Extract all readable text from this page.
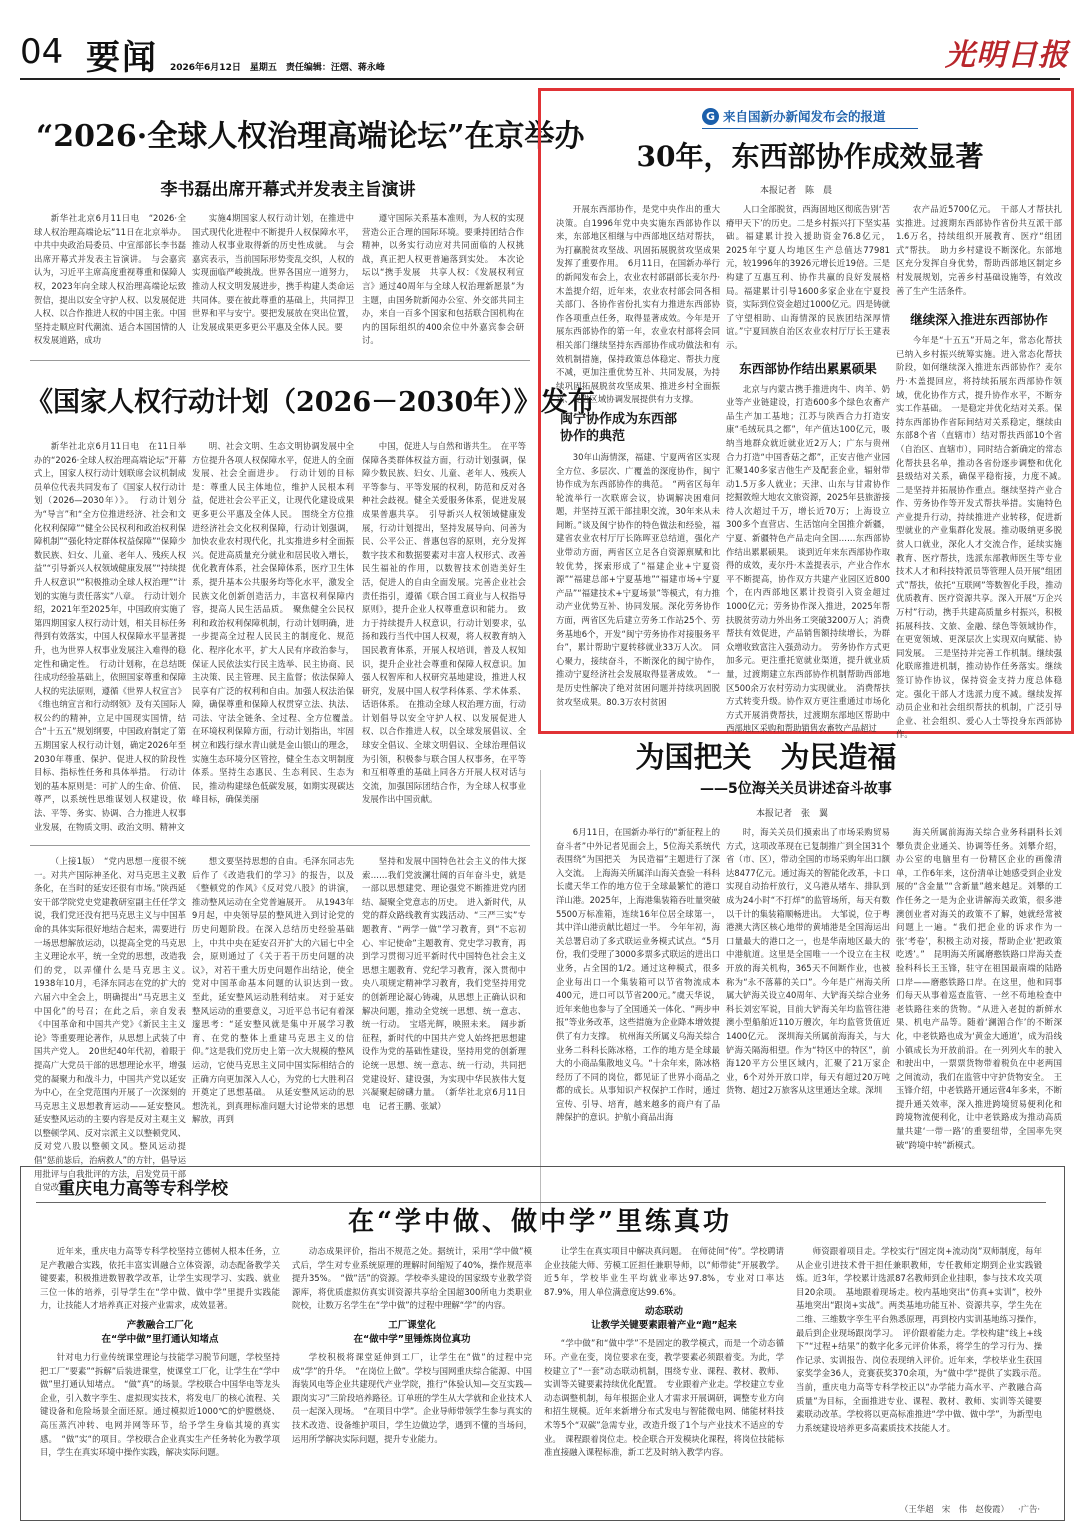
04 要闻 2026年6月12日　星期五　责任编辑：汪熠、蒋永峰	光明日报
“2026·全球人权治理高端论坛”在京举办
李书磊出席开幕式并发表主旨演讲

新华社北京6月11日电　“2026·全球人权治理高端论坛”11日在北京举办。中共中央政治局委员、中宣部部长李书磊出席开幕式并发表主旨演讲。　与会嘉宾认为，习近平主席高度重视尊重和保障人权，2023年向全球人权治理高端论坛致贺信，提出以安全守护人权、以发展促进人权、以合作推进人权的中国主张。中国坚持走顺应时代潮流、适合本国国情的人权发展道路，成功

实施4期国家人权行动计划，在推进中国式现代化进程中不断提升人权保障水平，推动人权事业取得新的历史性成就。　与会嘉宾表示，当前国际形势变乱交织，人权的实现面临严峻挑战。世界各国应一道努力，推动人权文明发展进步，携手构建人类命运共同体。要在彼此尊重的基础上，共同捍卫世界和平与安宁。要把发展放在突出位置，让发展成果更多更公平惠及全体人民。要

遵守国际关系基本准则，为人权的实现营造公正合理的国际环境。要秉持团结合作精神，以务实行动应对共同面临的人权挑战，真正把人权更普遍落到实处。　本次论坛以“携手发展　共享人权：《发展权利宣言》通过40周年与全球人权治理新愿景”为主题，由国务院新闻办公室、外交部共同主办，来自一百多个国家和包括联合国机构在内的国际组织的400余位中外嘉宾参会研讨。

《国家人权行动计划（2026－2030年）》发布

新华社北京6月11日电　在11日举办的“2026·全球人权治理高端论坛”开幕式上，国家人权行动计划联席会议机制成员单位代表共同发布了《国家人权行动计划（2026—2030年）》。　行动计划分为“导言”和“全方位推进经济、社会和文化权利保障”“健全公民权利和政治权利保障机制”“强化特定群体权益保障”“保障少数民族、妇女、儿童、老年人、残疾人权益”“引导新兴人权领域健康发展”“持续提升人权意识”“积极推动全球人权治理”“计划的实施与责任落实”八章。　行动计划介绍，2021年至2025年，中国政府实施了第四期国家人权行动计划，相关目标任务得到有效落实，中国人权保障水平显著提升，也为世界人权事业发展注入难得的稳定性和确定性。　行动计划称，在总结既往成功经验基础上，依照国家尊重和保障人权的宪法原则，遵循《世界人权宣言》《维也纳宣言和行动纲领》及有关国际人权公约的精神，立足中国现实国情，结合“十五五”规划纲要，中国政府制定了第五期国家人权行动计划，确定2026年至2030年尊重、保护、促进人权的阶段性目标、指标性任务和具体举措。　行动计划的基本原则是：可扩人的生命、价值、尊严，以系统性思维谋划人权建设，依法、平等、务实、协调、合力推进人权事业发展，在物质文明、政治文明、精神文

明、社会文明、生态文明协调发展中全方位提升各项人权保障水平，促进人的全面发展、社会全面进步。　行动计划的目标是：尊重人民主体地位，维护人民根本利益，促进社会公平正义，让现代化建设成果更多更公平惠及全体人民。　围绕全方位推进经济社会文化权利保障，行动计划强调，加快农业农村现代化，扎实推进乡村全面振兴。促进高质量充分就业和居民收入增长，优化教育体系，社会保障体系，医疗卫生体系，提升基本公共服务均等化水平，激发全民族文化创新创造活力，丰富权利保障内容，提高人民生活品质。　聚焦健全公民权利和政治权利保障机制，行动计划明确，进一步提高全过程人民民主的制度化、规范化、程序化水平，扩大人民有序政治参与，保证人民依法实行民主选举、民主协商、民主决策、民主管理、民主监督；依法保障人民享有广泛的权利和自由。加强人权法治保障，确保尊重和保障人权贯穿立法、执法、司法、守法全链条、全过程、全方位覆盖。　在环境权利保障方面，行动计划指出，牢固树立和践行绿水青山就是金山银山的理念，实施生态环境分区管控，健全生态文明制度体系。坚持生态惠民、生态利民、生态为民，推动构建绿色低碳发展，如期实现碳达峰目标，确保美丽

中国，促进人与自然和谐共生。　在平等保障各类群体权益方面，行动计划强调，保障少数民族、妇女、儿童、老年人、残疾人平等参与、平等发展的权利，防范和反对各种社会歧视。健全关爱服务体系，促进发展成果普惠共享。　引导新兴人权领域健康发展，行动计划提出，坚持发展导向、问善为民、公平公正、普惠包容的原则，充分发挥数字技术和数据要素对丰富人权形式、改善民生福祉的作用，以数智技术创造美好生活，促进人的自由全面发展。完善企业社会责任指引，遵循《联合国工商业与人权指导原则》，提升企业人权尊重意识和能力。　致力于持续提升人权意识，行动计划要求，弘扬和践行当代中国人权观，将人权教育纳入国民教育体系，开展人权培训，普及人权知识，提升企业社会尊重和保障人权意识。加强人权智库和人权研究基地建设，推进人权研究，发展中国人权学科体系、学术体系、话语体系。　在推动全球人权治理方面，行动计划倡导以安全守护人权、以发展促进人权、以合作推进人权，以全球发展倡议、全球安全倡议、全球文明倡议、全球治理倡议为引领，积极参与联合国人权事务，在平等和互相尊重的基础上同各方开展人权对话与交流，加强国际团结合作，为全球人权事业发展作出中国贡献。

（上接1版）　“党内思想一度很不统一。对共产国际神圣化、对马克思主义教条化，在当时的延安还很有市场。”陕西延安干部学院党史党建教研室副主任任学文说，我们党还没有把马克思主义与中国革命的具体实际很好地结合起来，需要进行一场思想解放运动，以提高全党的马克思主义理论水平，统一全党的思想，改造我们的党，以弄懂什么是马克思主义。　1938年10月，毛泽东同志在党的扩大的六届六中全会上，明确提出“马克思主义中国化”的号召；在此之后，亲自发表《中国革命和中国共产党》《新民主主义论》等重要理论著作，从思想上武装了中国共产党人。　20世纪40年代初，着眼于提高广大党员干部的思想理论水平，增强党的凝聚力和战斗力，中国共产党以延安为中心，在全党范围内开展了一次深刻的马克思主义思想教育运动——延安整风。　延安整风运动的主要内容是反对主观主义以整顿学风、反对宗派主义以整顿党风、反对党八股以整顿文风。整风运动提倡“惩前毖后，治病救人”的方针，倡导运用批评与自我批评的方法，启发党员干部自觉改造

想文要坚持思想的自由。毛泽东同志先后作了《改造我们的学习》的报告，以及《整顿党的作风》《反对党八股》的讲演，推动整风运动在全党普遍展开。　从1943年9月起，中央领导层的整风进入到讨论党的历史问题阶段。在深入总结历史经验基础上，中共中央在延安召开扩大的六届七中全会，原则通过了《关于若干历史问题的决议》，对若干重大历史问题作出结论，使全党对中国革命基本问题的认识达到一致。　至此，延安整风运动胜利结束。　对于延安整风运动的重要意义，习近平总书记有着深邃思考：“延安整风就是集中开展学习教育、在党的整体上重建马克思主义的信仰。”这是我们党历史上第一次大规模的整风运动，它使马克思主义同中国实际相结合的正确方向更加深入人心，为党的七大胜利召开奠定了思想基础。　从延安整风运动的思想洗礼，到真理标准问题大讨论带来的思想解放，再到

坚持和发展中国特色社会主义的伟大探索……我们党波澜壮阔的百年奋斗史，就是一部以思想建党、理论强党不断推进党内团结、凝聚全党意志的历史。　进入新时代，从党的群众路线教育实践活动、“三严三实”专题教育、“两学一做”学习教育，到“不忘初心、牢记使命”主题教育、党史学习教育，再到学习贯彻习近平新时代中国特色社会主义思想主题教育、党纪学习教育，深入贯彻中央八项规定精神学习教育，我们党坚持用党的创新理论凝心铸魂，从思想上正确认识和解决问题，推动全党统一思想、统一意志、统一行动。　宝塔光辉，映照未来。　阔步新征程，新时代的中国共产党人始终把思想建设作为党的基础性建设，坚持用党的创新理论统一思想、统一意志、统一行动，共同把党建设好、建设强，为实现中华民族伟大复兴凝聚起磅礴力量。　（新华社北京6月11日电　记者王鹏、张斌）

G 来自国新办新闻发布会的报道
30年，东西部协作成效显著
本报记者　陈　晨

开展东西部协作，是党中央作出的重大决策。自1996年党中央实施东西部协作以来，东部地区相继与中西部地区结对帮扶，为打赢脱贫攻坚战、巩固拓展脱贫攻坚成果发挥了重要作用。　6月11日，在国新办举行的新闻发布会上，农业农村部副部长麦尔丹·木盖提介绍，近年来，农业农村部会同各相关部门、各协作省份扎实有力推进东西部协作各项重点任务，取得显著成效。今年是开展东西部协作的第一年，农业农村部将会同相关部门继续坚持东西部协作成功做法和有效机制措施，保持政策总体稳定、帮扶力度不减，更加注重优势互补、共同发展，为持续巩固拓展脱贫攻坚成果、推进乡村全面振兴、促进区域协调发展提供有力支撑。

闽宁协作成为东西部协作的典范

30年山海情深，福建、宁夏两省区实现全方位、多层次、广覆盖的深度协作，闽宁协作成为东西部协作的典范。　“两省区每年轮流举行一次联席会议，协调解决困难问题，并坚持互派干部挂职交流，30年来从未间断。”谈及闽宁协作的特色做法和经验，福建省农业农村厅厅长陈晖亚总结道，强化产业带动方面，两省区立足各自资源禀赋和比较优势，探索形成了“福建企业+宁夏资源”“福建总部+宁夏基地”“福建市场+宁夏产品”“福建技术+宁夏场景”等模式，有力推动产业优势互补、协同发展。深化劳务协作方面，两省区先后建立劳务工作站25个、劳务基地6个，开发“闽宁劳务协作对接服务平台”，累计帮助宁夏转移就业33万人次。　同心聚力，接续奋斗，不断深化的闽宁协作，推动宁夏经济社会发展取得显著成效。　“一是历史性解决了绝对贫困问题并持续巩固脱贫攻坚成果。80.3万农村贫困

人口全部脱贫，西海固地区彻底告别‘苦瘠甲天下’的历史。二是乡村振兴打下坚实基础。福建累计投入援助资金76.8亿元，2025年宁夏人均地区生产总值达77981元，较1996年的3926元增长近19倍。三是构建了互惠互利、协作共赢的良好发展格局。福建累计引导1600多家企业在宁夏投资，实际到位资金超过1000亿元。四是铸就了守望相助、山海情深的民族团结深厚情谊。”宁夏回族自治区农业农村厅厅长王建表示。

东西部协作结出累累硕果

北京与内蒙古携手推进肉牛、肉羊、奶业等产业链建设，打造600多个绿色农畜产品生产加工基地；江苏与陕西合力打造安康“毛绒玩具之都”，年产值达100亿元，吸纳当地群众就近就业近2万人；广东与贵州合力打造“中国香菇之都”，正安吉他产业园汇聚140多家吉他生产及配套企业，辐射带动1.5万多人就业；天津、山东与甘肃协作挖掘敦煌大地农文旅资源，2025年县旅游接待人次超过千万，增长近70万；上海设立300多个直营店、生活馆向全国推介新疆，宁夏、新疆特色产品走向全国……东西部协作结出累累硕果。　谈到近年来东西部协作取得的成效，麦尔丹·木盖提表示，产业合作水平不断提高，协作双方共建产业园区近800个，在内西部地区累计投资引入资金超过1000亿元；劳务协作深入推进，2025年帮扶脱贫劳动力外出务工突破3200万人；消费帮扶有效促进，产品销售额持续增长，为群众增收致富注入强劲动力。　劳务协作方式更加多元。更注重托宽就业渠道，提升就业质量，过渡期建立东西部协作机制帮助西部地区500余万农村劳动力实现就业。　消费帮扶方式转变升级。协作双方更注重通过市场化方式开展消费帮扶，过渡期东部地区帮助中西部地区采购和帮助销售农畜牧产品超过

农产品近5700亿元。　干部人才帮扶扎实推进。过渡期东西部协作省份共互派干部1.6万名，持续组织开展教育、医疗“组团式”帮扶。　助力乡村建设不断深化。东部地区充分发挥自身优势，帮助西部地区制定乡村发展规划，完善乡村基础设施等，有效改善了生产生活条件。

继续深入推进东西部协作

今年是“十五五”开局之年，常态化帮扶已纳入乡村振兴统筹实施。进入常态化帮扶阶段，如何继续深入推进东西部协作？麦尔丹·木盖提回应，将持续拓展东西部协作领域，优化协作方式，提升协作水平，不断夯实工作基础。　一是稳定并优化结对关系。保持东西部协作省际间结对关系稳定，继续由东部8个省（直辖市）结对帮扶西部10个省（自治区、直辖市），同时结合新确定的常态化帮扶县名单，推动各省份逐步调整和优化县级结对关系，确保平稳衔接，力度不减。　二是坚持并拓展协作重点。继续坚持产业合作、劳务协作等开发式帮扶举措。实施特色产业提升行动，持续推进产业转移，促进新型就业的产业集群化发展。推动吸纳更多脱贫人口就业，深化人才交流合作，延续实施教育、医疗帮扶，选派东部教师医生等专业技术人才和科技特派员等管理人员开展“组团式”帮扶，依托“互联网”等数智化手段，推动优质教育、医疗资源共享。深入开展“万企兴万村”行动，携手共建高质量乡村振兴，积极拓展科技、文旅、金融、绿色等领域协作，在更宽领域、更深层次上实现双向赋能、协同发展。　三是坚持并完善工作机制。继续强化联席推进机制，推动协作任务落实。继续签订协作协议，保持资金支持力度总体稳定。强化干部人才选派力度不减。继续发挥动员企业和社会组织帮扶的机制，广泛引导企业、社会组织、爱心人士等投身东西部协作。

为国把关　为民造福
——5位海关关员讲述奋斗故事
本报记者　张　翼

6月11日，在国新办举行的“新征程上的奋斗者”中外记者见面会上，5位海关系统代表围绕“为国把关　为民造福”主题进行了深入交流。　上海海关所属洋山海关查验一科科长虞天华工作的地方位于全球最繁忙的港口洋山港。2025年，上海港集装箱吞吐量突破5500万标准箱，连续16年位居全球第一，其中洋山港贡献比超过一半。　今年年初，海关总署启动了多式联运业务模式试点。“5月份，我们受理了3000多票多式联运的进出口业务，占全国的1/2。通过这种模式，很多企业每出口一个集装箱可以节省物流成本400元，进口可以节省200元。”虞天华说，近年来他也参与了全国通关一体化、“两步申报”等业务改革，这些措施为企业降本增效提供了有力支撑。　杭州海关所属义乌海关综合业务二科科长陈冰格，工作的地方是全球最大的小商品集散地义乌。“十余年来，陈冰格经历了不同的岗位，都见证了世界小商品之都的成长。从事知识产权保护工作时，通过宣传、引导、培育，越来越多的商户有了品牌保护的意识。护航小商品出海

时，海关关员们摸索出了市场采购贸易方式，这项改革现在已复制推广到全国31个省（市、区），带动全国的市场采购年出口额达8477亿元。通过海关的智能化改革，卡口实现自动抬杆放行，义乌港从堵车、排队到成为24小时“不打烊”的监管场所，每天有数以千计的集装箱顺畅进出。　大邹说，位于粤港澳大湾区核心地带的黄埔港是全国海运出口量最大的港口之一，也是华南地区最大的中港航道。这里是全国唯一一个设立在主权开放的海关机构，365天不间断作业，也被称为“永不落幕的关口”。今年是广州海关所属大铲海关设立40周年、大铲海关综合业务科长刘宏军说，目前大铲海关年均监管往港澳小型船舶近110万艘次，年均监管货值近1400亿元。　深圳海关所属前海海关，与大铲海关隔海相望。作为“特区中的特区”，前海120平方公里区域内，汇聚了21万家企业，6个对外开放口岸，每天有超过20万吨货物、超过2万旅客从这里通达全球。深圳

海关所属前海海关综合业务科副科长刘攀负责企业通关、协调等任务。刘攀介绍，办公室的电脑里有一份精区企业的画像清单，工作6年来，这份清单让她感受到企业发展的“含金量”“含新量”越来越足。刘攀的工作任务之一是为企业讲解海关政策，很多港澳创业者对海关的政策不了解，她就经常被问题上一遍。“我们把企业的诉求作为一张‘考卷’，积极主动对接，帮助企业‘把政策吃透’。”　昆明海关所属磨憨铁路口岸海关查验科科长王玉锋，驻守在祖国最南端的陆路口岸——磨憨铁路口岸。在这里，他和同事们每天从事着巡查监管、一丝不苟地检查中老铁路往来的货物。“从进入老挝的新鲜水果、机电产品等。随着‘澜湄合作’的不断深化，中老铁路也成为‘黄金大通道’，成为沿线小镇成长为开放前沿。在一列列火车的驶入和驶出中，一票票货物带着税负在中老两国之间流动，我们在监管中守护货物安全。　王玉锋介绍，中老铁路开通运营4年多来，不断提升通关效率，深入推进跨境贸易便利化和跨境物流便利化，让中老铁路成为推动高质量共建‘一带一路’的重要纽带，全国率先突破“跨境中转”新模式。

重庆电力高等专科学校
在“学中做、做中学”里练真功

近年来，重庆电力高等专科学校坚持立德树人根本任务，立足产教融合实践，依托丰富实训融合立体资源，动态配备教学关键要素，积极推进数智教学改革，让学生实现学习、实践、就业三位一体的培养，引导学生在“学中做、做中学”里提升实践能力，让技能人才培养真正对接产业需求，成效显著。

产教融合工厂化
在“学中做”里打通认知堵点

针对电力行业传统课堂理论与技能学习脱节问题，学校坚持把工厂“要素”“拆解”后装进课堂，使课堂工厂化，让学生在“学中做”里打通认知堵点。　“做”真“的场景。学校联合中国华电等龙头企业，引入数字孪生、虚拟现实技术，将发电厂的核心流程、关键设备和危险场景全面还原。通过模拟近1000℃的炉膛燃烧、高压蒸汽冲转、电网并网等环节，给予学生身临其境的真实感。　“做”实“的项目。学校联合企业真实生产任务转化为教学项目，学生在真实环境中操作实践，解决实际问题。

动态成果评价，指出不规范之处。据统计，采用“学中做”模式后，学生对专业系统原理的理解时间缩短了40%，操作规范率提升35%。　“做”活”的资源。学校牵头建设的国家级专业教学资源库，将优质虚拟仿真实训资源共享给全国超300所电力类职业院校，让数万名学生在“学中做”的过程中理解“学”的内容。

工厂课堂化
在“做中学”里锤炼岗位真功

学校积极将课堂延伸到工厂，让学生在“做”的过程中完成“学”的升华。　“在岗位上做”。学校与国网重庆综合能源、中国海装风电等企业共建现代产业学院，推行“体验认知—交互实践—跟岗实习”三阶段培养路径。订单班的学生从大学就和企业技术人员一起深入现场。　“在项目中学”。企业导师带领学生参与真实的技术改造、设备维护项目，学生边做边学，遇到不懂的当场问，运用所学解决实际问题，提升专业能力。

让学生在真实项目中解决真问题。　在师徒间“传”。学校聘请企业技能大师、劳模工匠担任兼职导师，以“师带徒”开展教学。近5年，学校毕业生平均就业率达97.8%，专业对口率达87.9%，用人单位满意度达99.6%。

动态联动
让教学关键要素跟着产业“跑”起来

“学中做”和“做中学”不是固定的教学模式，而是一个动态循环。产业在变，岗位要求在变，教学要素必须跟着变。为此，学校建立了“一套”动态联动机制，围绕专业、课程、教材、教师、实训等关键要素持续优化配置。　专业跟着产业走。学校建立专业动态调整机制，每年根据企业人才需求开展调研，调整专业方向和招生规模。近年来新增分布式发电与智能微电网、储能材料技术等5个“双碳”急需专业，改造升级了1个与产业技术不适应的专业。　课程跟着岗位走。校企联合开发模块化课程，将岗位技能标准直接融入课程标准，新工艺及时纳入教学内容。

师资跟着项目走。学校实行“固定岗+流动岗”双师制度，每年从企业引进技术骨干担任兼职教师，专任教师定期到企业实践锻炼。近3年，学校累计选派87名教师到企业挂职，参与技术攻关项目20余项。　基地跟着现场走。校内基地突出“仿真+实训”，校外基地突出“跟岗+实战”。两类基地功能互补、资源共享，学生先在二维、三维数字孪生平台熟悉原理，再到校内实训基地练习操作，最后到企业现场跟岗学习。　评价跟着能力走。学校构建“线上+线下”“过程+结果”的数字化多元评价体系，将学生的学习行为、操作记录、实训报告、岗位表现纳入评价。近年来，学校毕业生获国家奖学金36人，竞赛获奖370余项，为“做中学”提供了实践示范。　当前，重庆电力高等专科学校正以“办学能力高水平、产教融合高质量”为目标，全面推进专业、课程、教材、教师、实训等关键要素联动改革。学校将以更高标准推进“学中做、做中学”，为新型电力系统建设培养更多高素质技术技能人才。

（王华超　宋　伟　赵俊霞） ·广告·
